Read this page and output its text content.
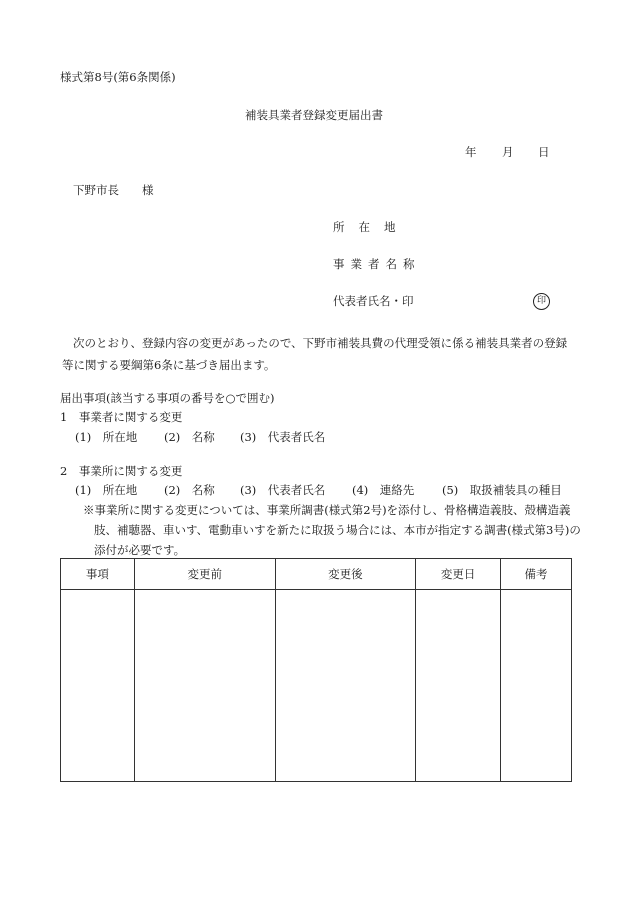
様式第8号(第6条関係)
補装具業者登録変更届出書
年 月 日
下野市長　　様
所在地
事業者名称
代表者氏名・印	印
次のとおり、登録内容の変更があったので、下野市補装具費の代理受領に係る補装具業者の登録等に関する要綱第6条に基づき届出ます。
届出事項(該当する事項の番号を○で囲む)
1　事業者に関する変更
(1)　所在地 (2)　名称 (3)　代表者氏名
2　事業所に関する変更
(1)　所在地 (2)　名称 (3)　代表者氏名 (4)　連絡先 (5)　取扱補装具の種目
※事業所に関する変更については、事業所調書(様式第2号)を添付し、骨格構造義肢、殻構造義肢、補聴器、車いす、電動車いすを新たに取扱う場合には、本市が指定する調書(様式第3号)の添付が必要です。
事項	変更前	変更後	変更日	備考
